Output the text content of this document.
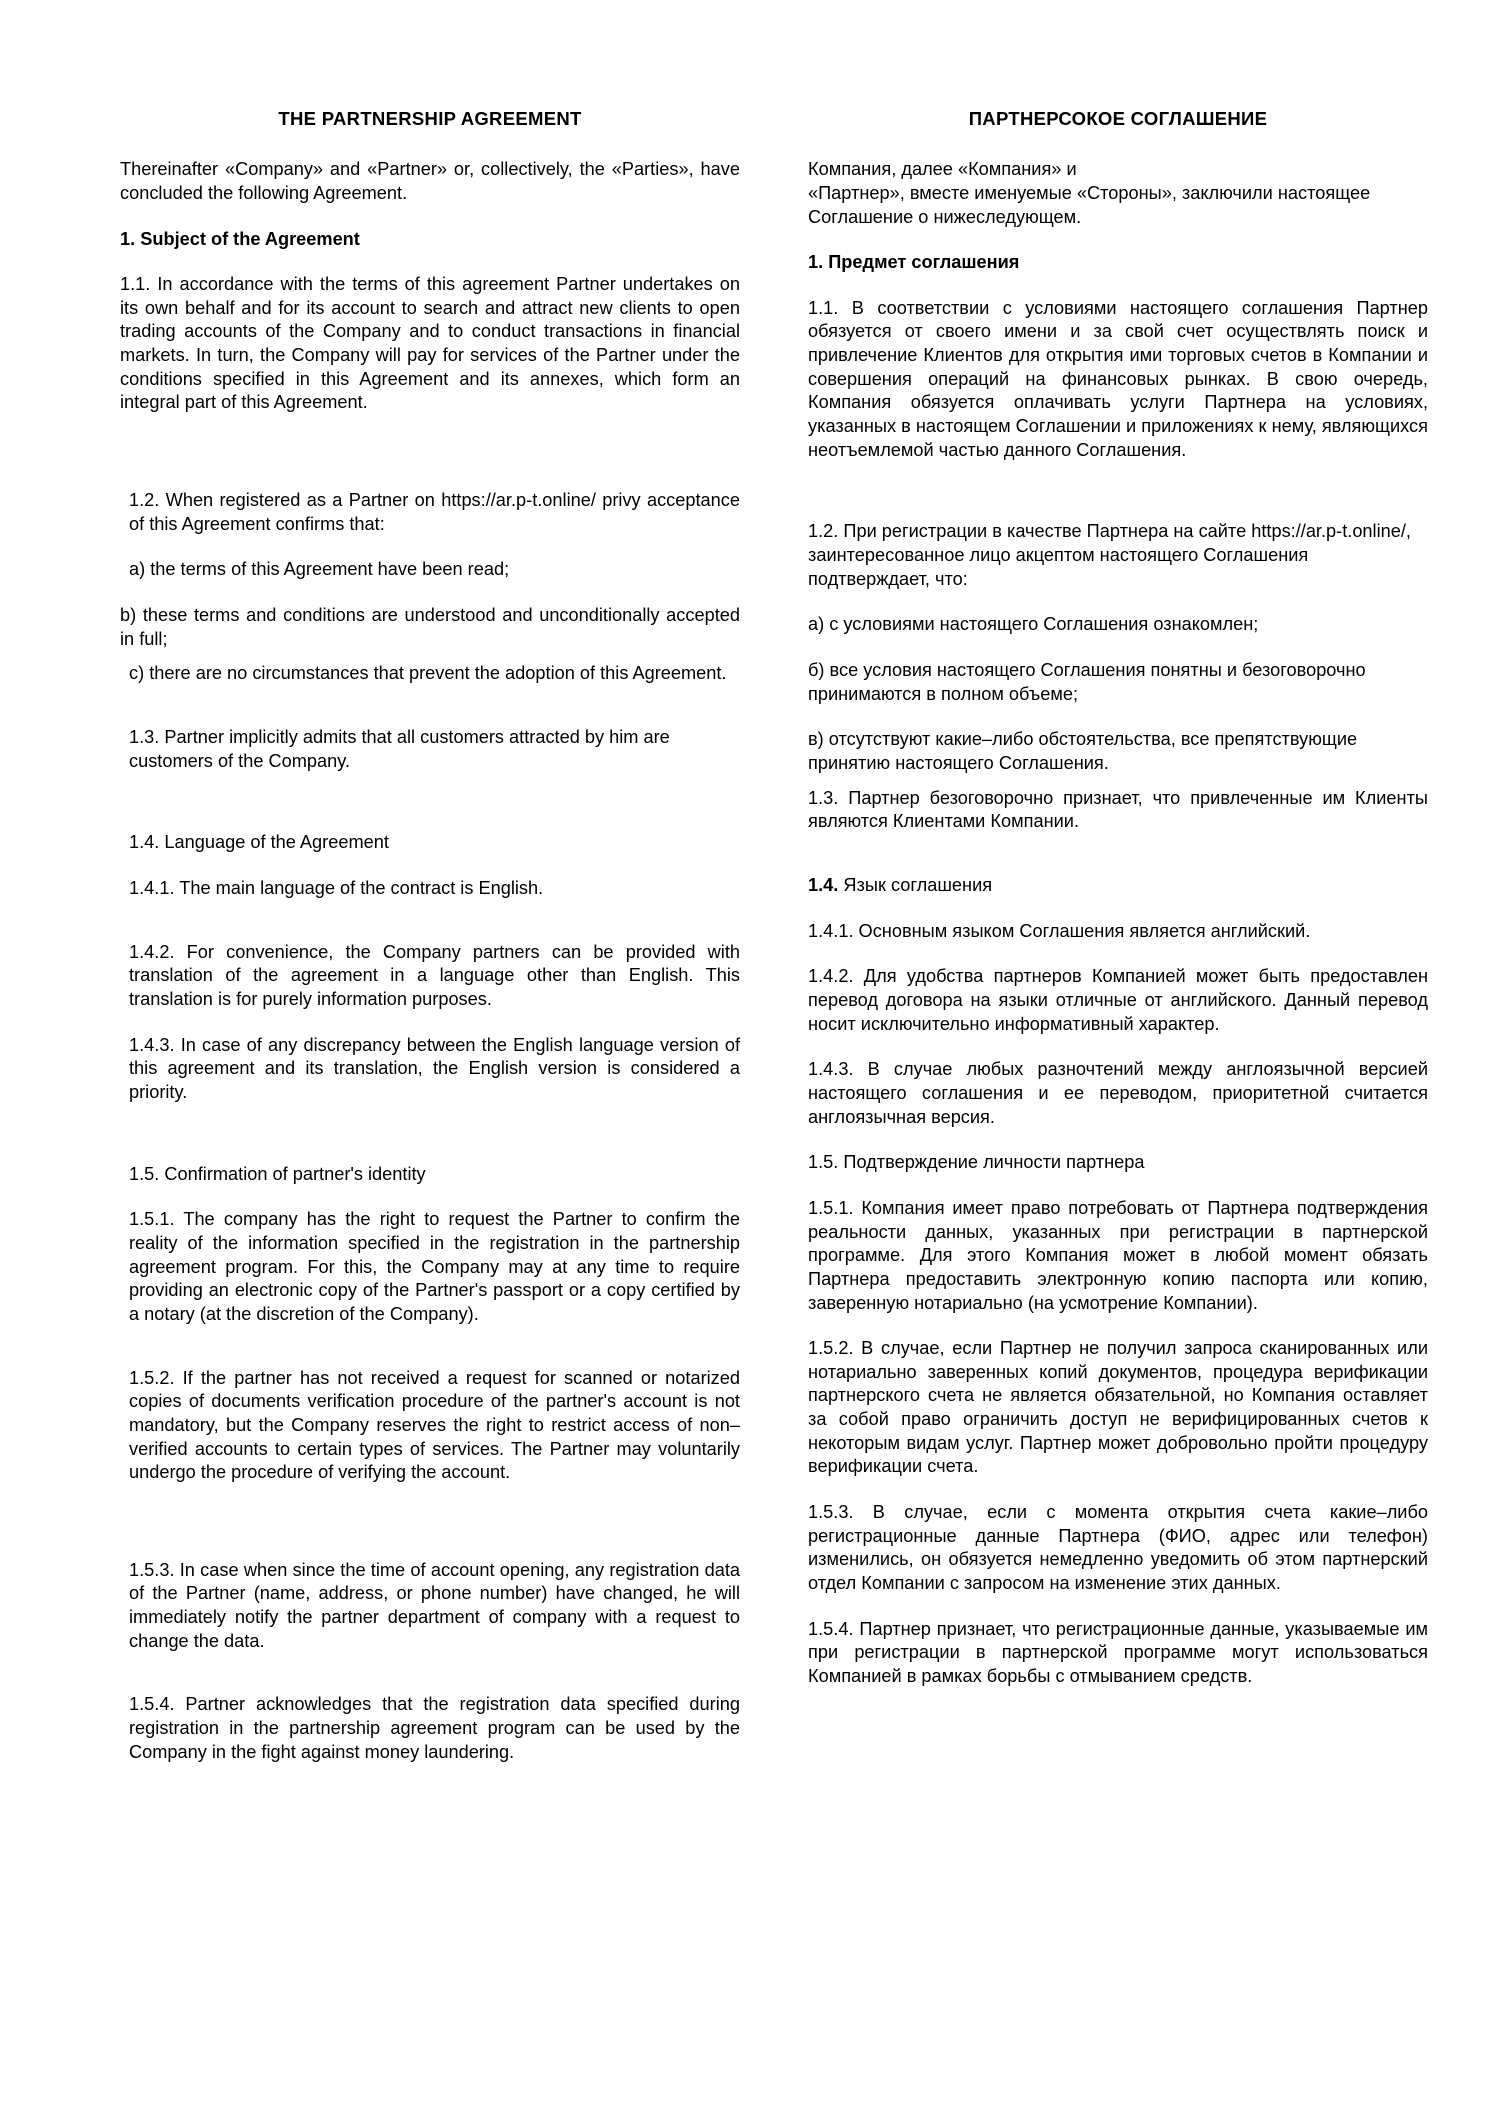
THE PARTNERSHIP AGREEMENT

Thereinafter «Company» and «Partner» or, collectively, the «Parties», have concluded the following Agreement.

1. Subject of the Agreement

1.1. In accordance with the terms of this agreement Partner undertakes on its own behalf and for its account to search and attract new clients to open trading accounts of the Company and to conduct transactions in financial markets. In turn, the Company will pay for services of the Partner under the conditions specified in this Agreement and its annexes, which form an integral part of this Agreement.

1.2. When registered as a Partner on https://ar.p-t.online/ privy acceptance of this Agreement confirms that:

a) the terms of this Agreement have been read;

b) these terms and conditions are understood and unconditionally accepted in full;

c) there are no circumstances that prevent the adoption of this Agreement.

1.3. Partner implicitly admits that all customers attracted by him are customers of the Company.

1.4. Language of the Agreement

1.4.1. The main language of the contract is English.

1.4.2. For convenience, the Company partners can be provided with translation of the agreement in a language other than English. This translation is for purely information purposes.

1.4.3. In case of any discrepancy between the English language version of this agreement and its translation, the English version is considered a priority.

1.5. Confirmation of partner's identity

1.5.1. The company has the right to request the Partner to confirm the reality of the information specified in the registration in the partnership agreement program. For this, the Company may at any time to require providing an electronic copy of the Partner's passport or a copy certified by a notary (at the discretion of the Company).

1.5.2. If the partner has not received a request for scanned or notarized copies of documents verification procedure of the partner's account is not mandatory, but the Company reserves the right to restrict access of non–verified accounts to certain types of services. The Partner may voluntarily undergo the procedure of verifying the account.

1.5.3. In case when since the time of account opening, any registration data of the Partner (name, address, or phone number) have changed, he will immediately notify the partner department of company with a request to change the data.

1.5.4. Partner acknowledges that the registration data specified during registration in the partnership agreement program can be used by the Company in the fight against money laundering.

ПАРТНЕРСОКОЕ СОГЛАШЕНИЕ

Компания, далее «Компания» и

«Партнер», вместе именуемые «Стороны», заключили настоящее Соглашение о нижеследующем.

1. Предмет соглашения

1.1. В соответствии с условиями настоящего соглашения Партнер обязуется от своего имени и за свой счет осуществлять поиск и привлечение Клиентов для открытия ими торговых счетов в Компании и совершения операций на финансовых рынках. В свою очередь, Компания обязуется оплачивать услуги Партнера на условиях, указанных в настоящем Соглашении и приложениях к нему, являющихся неотъемлемой частью данного Соглашения.

1.2. При регистрации в качестве Партнера на сайте https://ar.p-t.online/, заинтересованное лицо акцептом настоящего Соглашения подтверждает, что:

а) с условиями настоящего Соглашения ознакомлен;

б) все условия настоящего Соглашения понятны и безоговорочно принимаются в полном объеме;

в) отсутствуют какие–либо обстоятельства, все препятствующие принятию настоящего Соглашения.

1.3. Партнер безоговорочно признает, что привлеченные им Клиенты являются Клиентами Компании.

1.4. Язык соглашения

1.4.1. Основным языком Соглашения является английский.

1.4.2. Для удобства партнеров Компанией может быть предоставлен перевод договора на языки отличные от английского. Данный перевод носит исключительно информативный характер.

1.4.3. В случае любых разночтений между англоязычной версией настоящего соглашения и ее переводом, приоритетной считается англоязычная версия.

1.5. Подтверждение личности партнера

1.5.1. Компания имеет право потребовать от Партнера подтверждения реальности данных, указанных при регистрации в партнерской программе. Для этого Компания может в любой момент обязать Партнера предоставить электронную копию паспорта или копию, заверенную нотариально (на усмотрение Компании).

1.5.2. В случае, если Партнер не получил запроса сканированных или нотариально заверенных копий документов, процедура верификации партнерского счета не является обязательной, но Компания оставляет за собой право ограничить доступ не верифицированных счетов к некоторым видам услуг. Партнер может добровольно пройти процедуру верификации счета.

1.5.3. В случае, если с момента открытия счета какие–либо регистрационные данные Партнера (ФИО, адрес или телефон) изменились, он обязуется немедленно уведомить об этом партнерский отдел Компании с запросом на изменение этих данных.

1.5.4. Партнер признает, что регистрационные данные, указываемые им при регистрации в партнерской программе могут использоваться Компанией в рамках борьбы с отмыванием средств.
